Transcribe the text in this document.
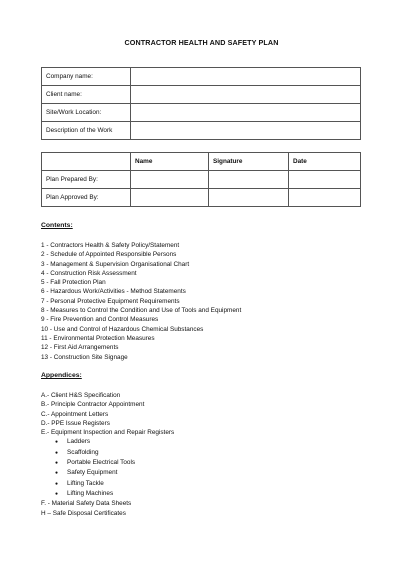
CONTRACTOR HEALTH AND SAFETY PLAN
Company name:	
Client name:	
Site/Work Location:	
Description of the Work	
	Name	Signature	Date
Plan Prepared By:			
Plan Approved By:			
Contents:
1 - Contractors Health & Safety Policy/Statement
2 - Schedule of Appointed Responsible Persons
3 - Management & Supervision Organisational Chart
4 - Construction Risk Assessment
5 - Fall Protection Plan
6 - Hazardous Work/Activities - Method Statements
7 - Personal Protective Equipment Requirements
8 - Measures to Control the Condition and Use of Tools and Equipment
9 - Fire Prevention and Control Measures
10 - Use and Control of Hazardous Chemical Substances
11 - Environmental Protection Measures
12 - First Aid Arrangements
13 - Construction Site Signage
Appendices:
A.- Client H&S Specification
B.- Principle Contractor Appointment
C.- Appointment Letters
D.- PPE Issue Registers
E.- Equipment Inspection and Repair Registers
● Ladders
● Scaffolding
● Portable Electrical Tools
● Safety Equipment
● Lifting Tackle
● Lifting Machines
F. - Material Safety Data Sheets
H – Safe Disposal Certificates
